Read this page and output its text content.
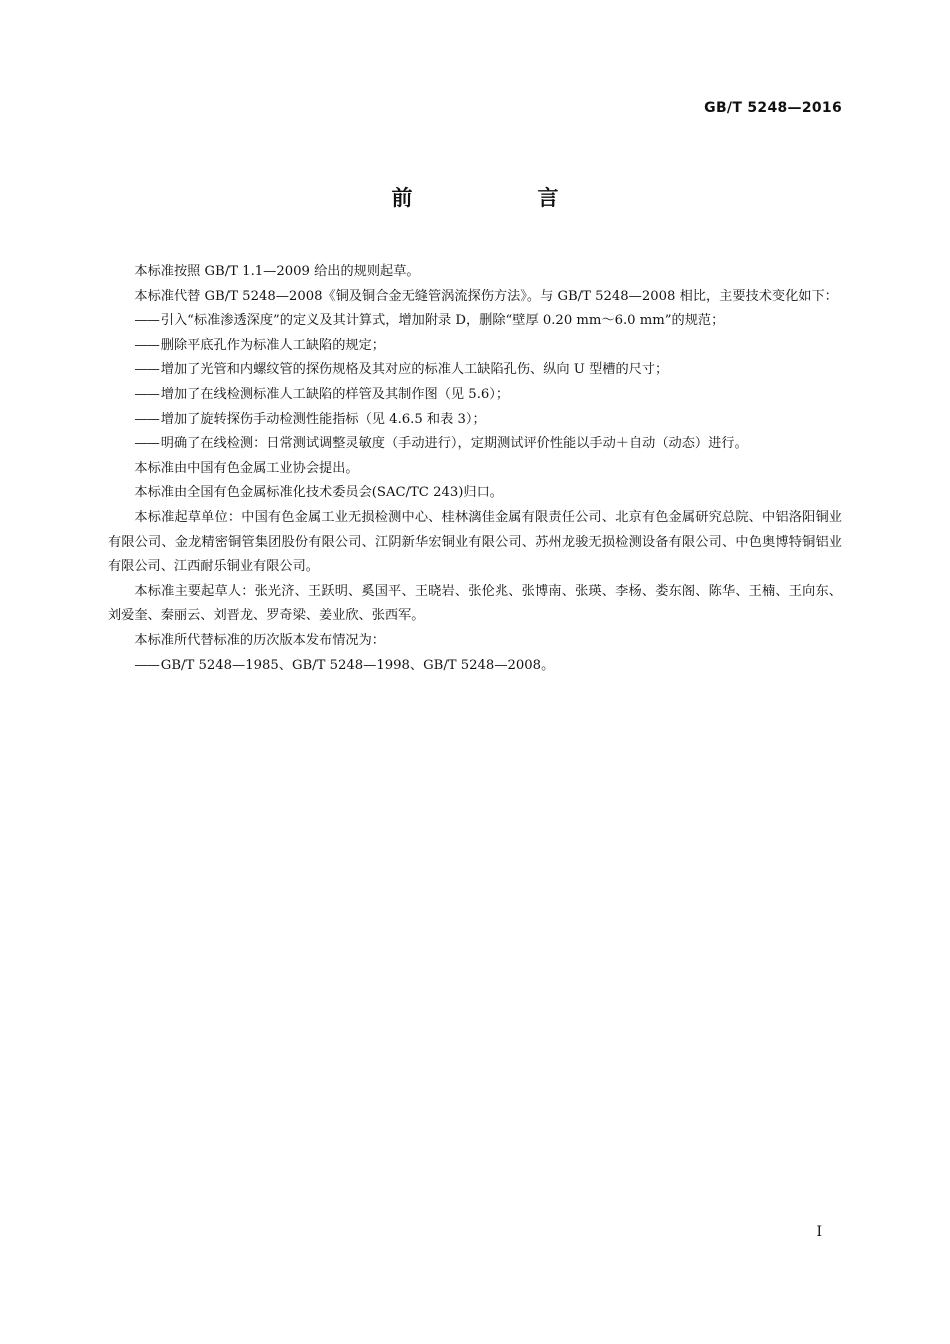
GB/T 5248—2016
前　言

本标准按照 GB/T 1.1—2009 给出的规则起草。

本标准代替 GB/T 5248—2008《铜及铜合金无缝管涡流探伤方法》。与 GB/T 5248—2008 相比，主要技术变化如下：

—— 引入“标准渗透深度”的定义及其计算式，增加附录 D，删除“壁厚 0.20 mm～6.0 mm”的规范；

—— 删除平底孔作为标准人工缺陷的规定；

—— 增加了光管和内螺纹管的探伤规格及其对应的标准人工缺陷孔伤、纵向 U 型槽的尺寸；

—— 增加了在线检测标准人工缺陷的样管及其制作图（见 5.6）；

—— 增加了旋转探伤手动检测性能指标（见 4.6.5 和表 3）；

—— 明确了在线检测：日常测试调整灵敏度（手动进行），定期测试评价性能以手动＋自动（动态）进行。

本标准由中国有色金属工业协会提出。

本标准由全国有色金属标准化技术委员会(SAC/TC 243)归口。

本标准起草单位：中国有色金属工业无损检测中心、桂林漓佳金属有限责任公司、北京有色金属研究总院、中铝洛阳铜业有限公司、金龙精密铜管集团股份有限公司、江阴新华宏铜业有限公司、苏州龙骏无损检测设备有限公司、中色奥博特铜铝业有限公司、江西耐乐铜业有限公司。

本标准主要起草人：张光济、王跃明、奚国平、王晓岩、张伦兆、张博南、张瑛、李杨、娄东阁、陈华、王楠、王向东、刘爱奎、秦丽云、刘晋龙、罗奇梁、姜业欣、张西军。

本标准所代替标准的历次版本发布情况为：

—— GB/T 5248—1985、GB/T 5248—1998、GB/T 5248—2008。

I
